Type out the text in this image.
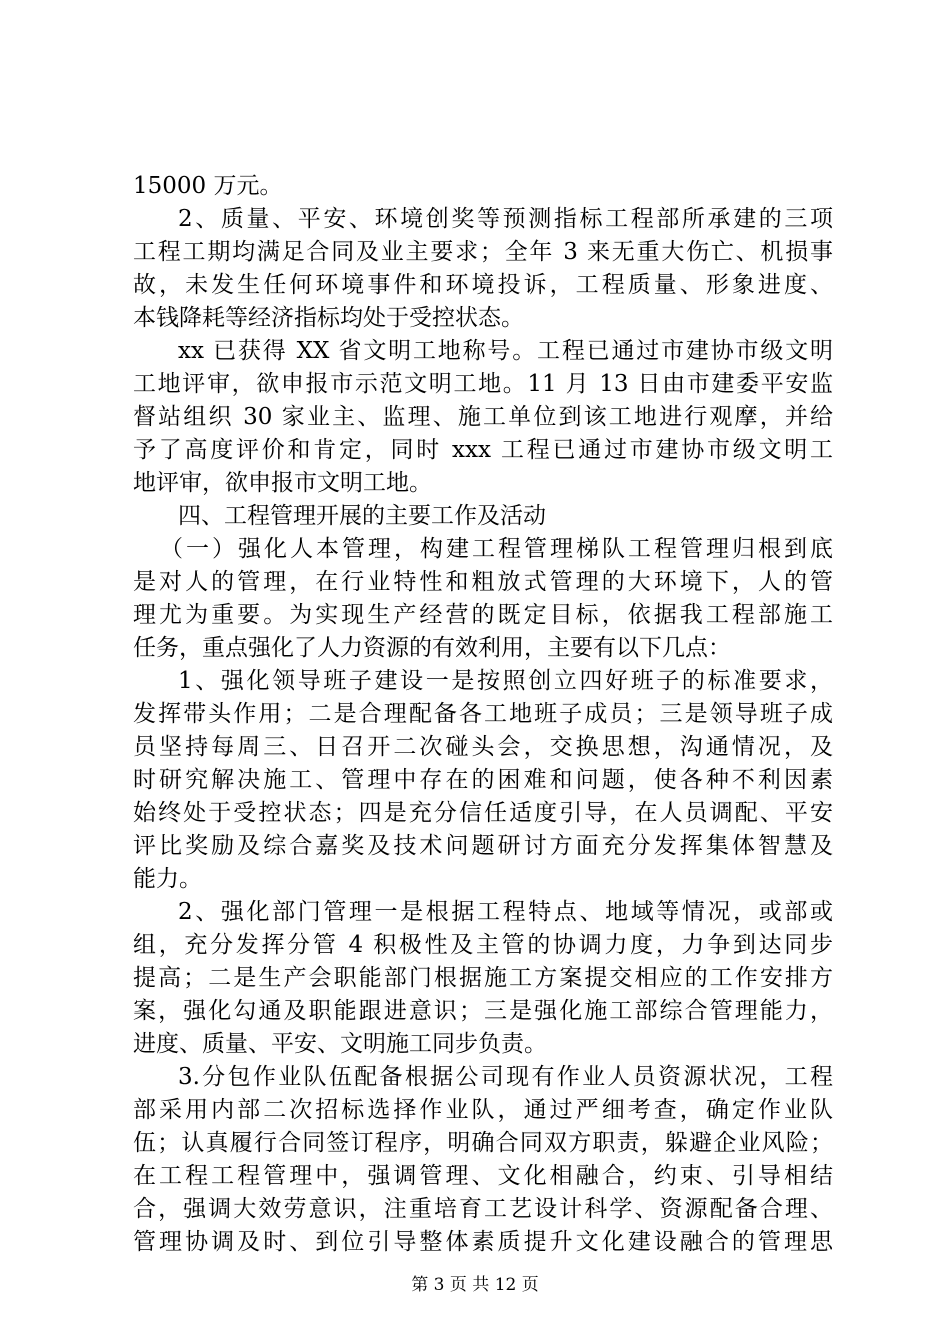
15000 万元。
2、质量、平安、环境创奖等预测指标工程部所承建的三项
工程工期均满足合同及业主要求；全年 3 来无重大伤亡、机损事
故，未发生任何环境事件和环境投诉，工程质量、形象进度、
本钱降耗等经济指标均处于受控状态。
xx 已获得 XX 省文明工地称号。工程已通过市建协市级文明
工地评审，欲申报市示范文明工地。11 月 13 日由市建委平安监
督站组织 30 家业主、监理、施工单位到该工地进行观摩，并给
予了高度评价和肯定，同时 xxx 工程已通过市建协市级文明工
地评审，欲申报市文明工地。
四、工程管理开展的主要工作及活动
（一）强化人本管理，构建工程管理梯队工程管理归根到底
是对人的管理，在行业特性和粗放式管理的大环境下，人的管
理尤为重要。为实现生产经营的既定目标，依据我工程部施工
任务，重点强化了人力资源的有效利用，主要有以下几点：
1、强化领导班子建设一是按照创立四好班子的标准要求，
发挥带头作用；二是合理配备各工地班子成员；三是领导班子成
员坚持每周三、日召开二次碰头会，交换思想，沟通情况，及
时研究解决施工、管理中存在的困难和问题，使各种不利因素
始终处于受控状态；四是充分信任适度引导，在人员调配、平安
评比奖励及综合嘉奖及技术问题研讨方面充分发挥集体智慧及
能力。
2、强化部门管理一是根据工程特点、地域等情况，或部或
组，充分发挥分管 4 积极性及主管的协调力度，力争到达同步
提高；二是生产会职能部门根据施工方案提交相应的工作安排方
案，强化勾通及职能跟进意识；三是强化施工部综合管理能力，
进度、质量、平安、文明施工同步负责。
3.分包作业队伍配备根据公司现有作业人员资源状况，工程
部采用内部二次招标选择作业队，通过严细考查，确定作业队
伍；认真履行合同签订程序，明确合同双方职责，躲避企业风险；
在工程工程管理中，强调管理、文化相融合，约束、引导相结
合，强调大效劳意识，注重培育工艺设计科学、资源配备合理、
管理协调及时、到位引导整体素质提升文化建设融合的管理思
第 3 页 共 12 页
